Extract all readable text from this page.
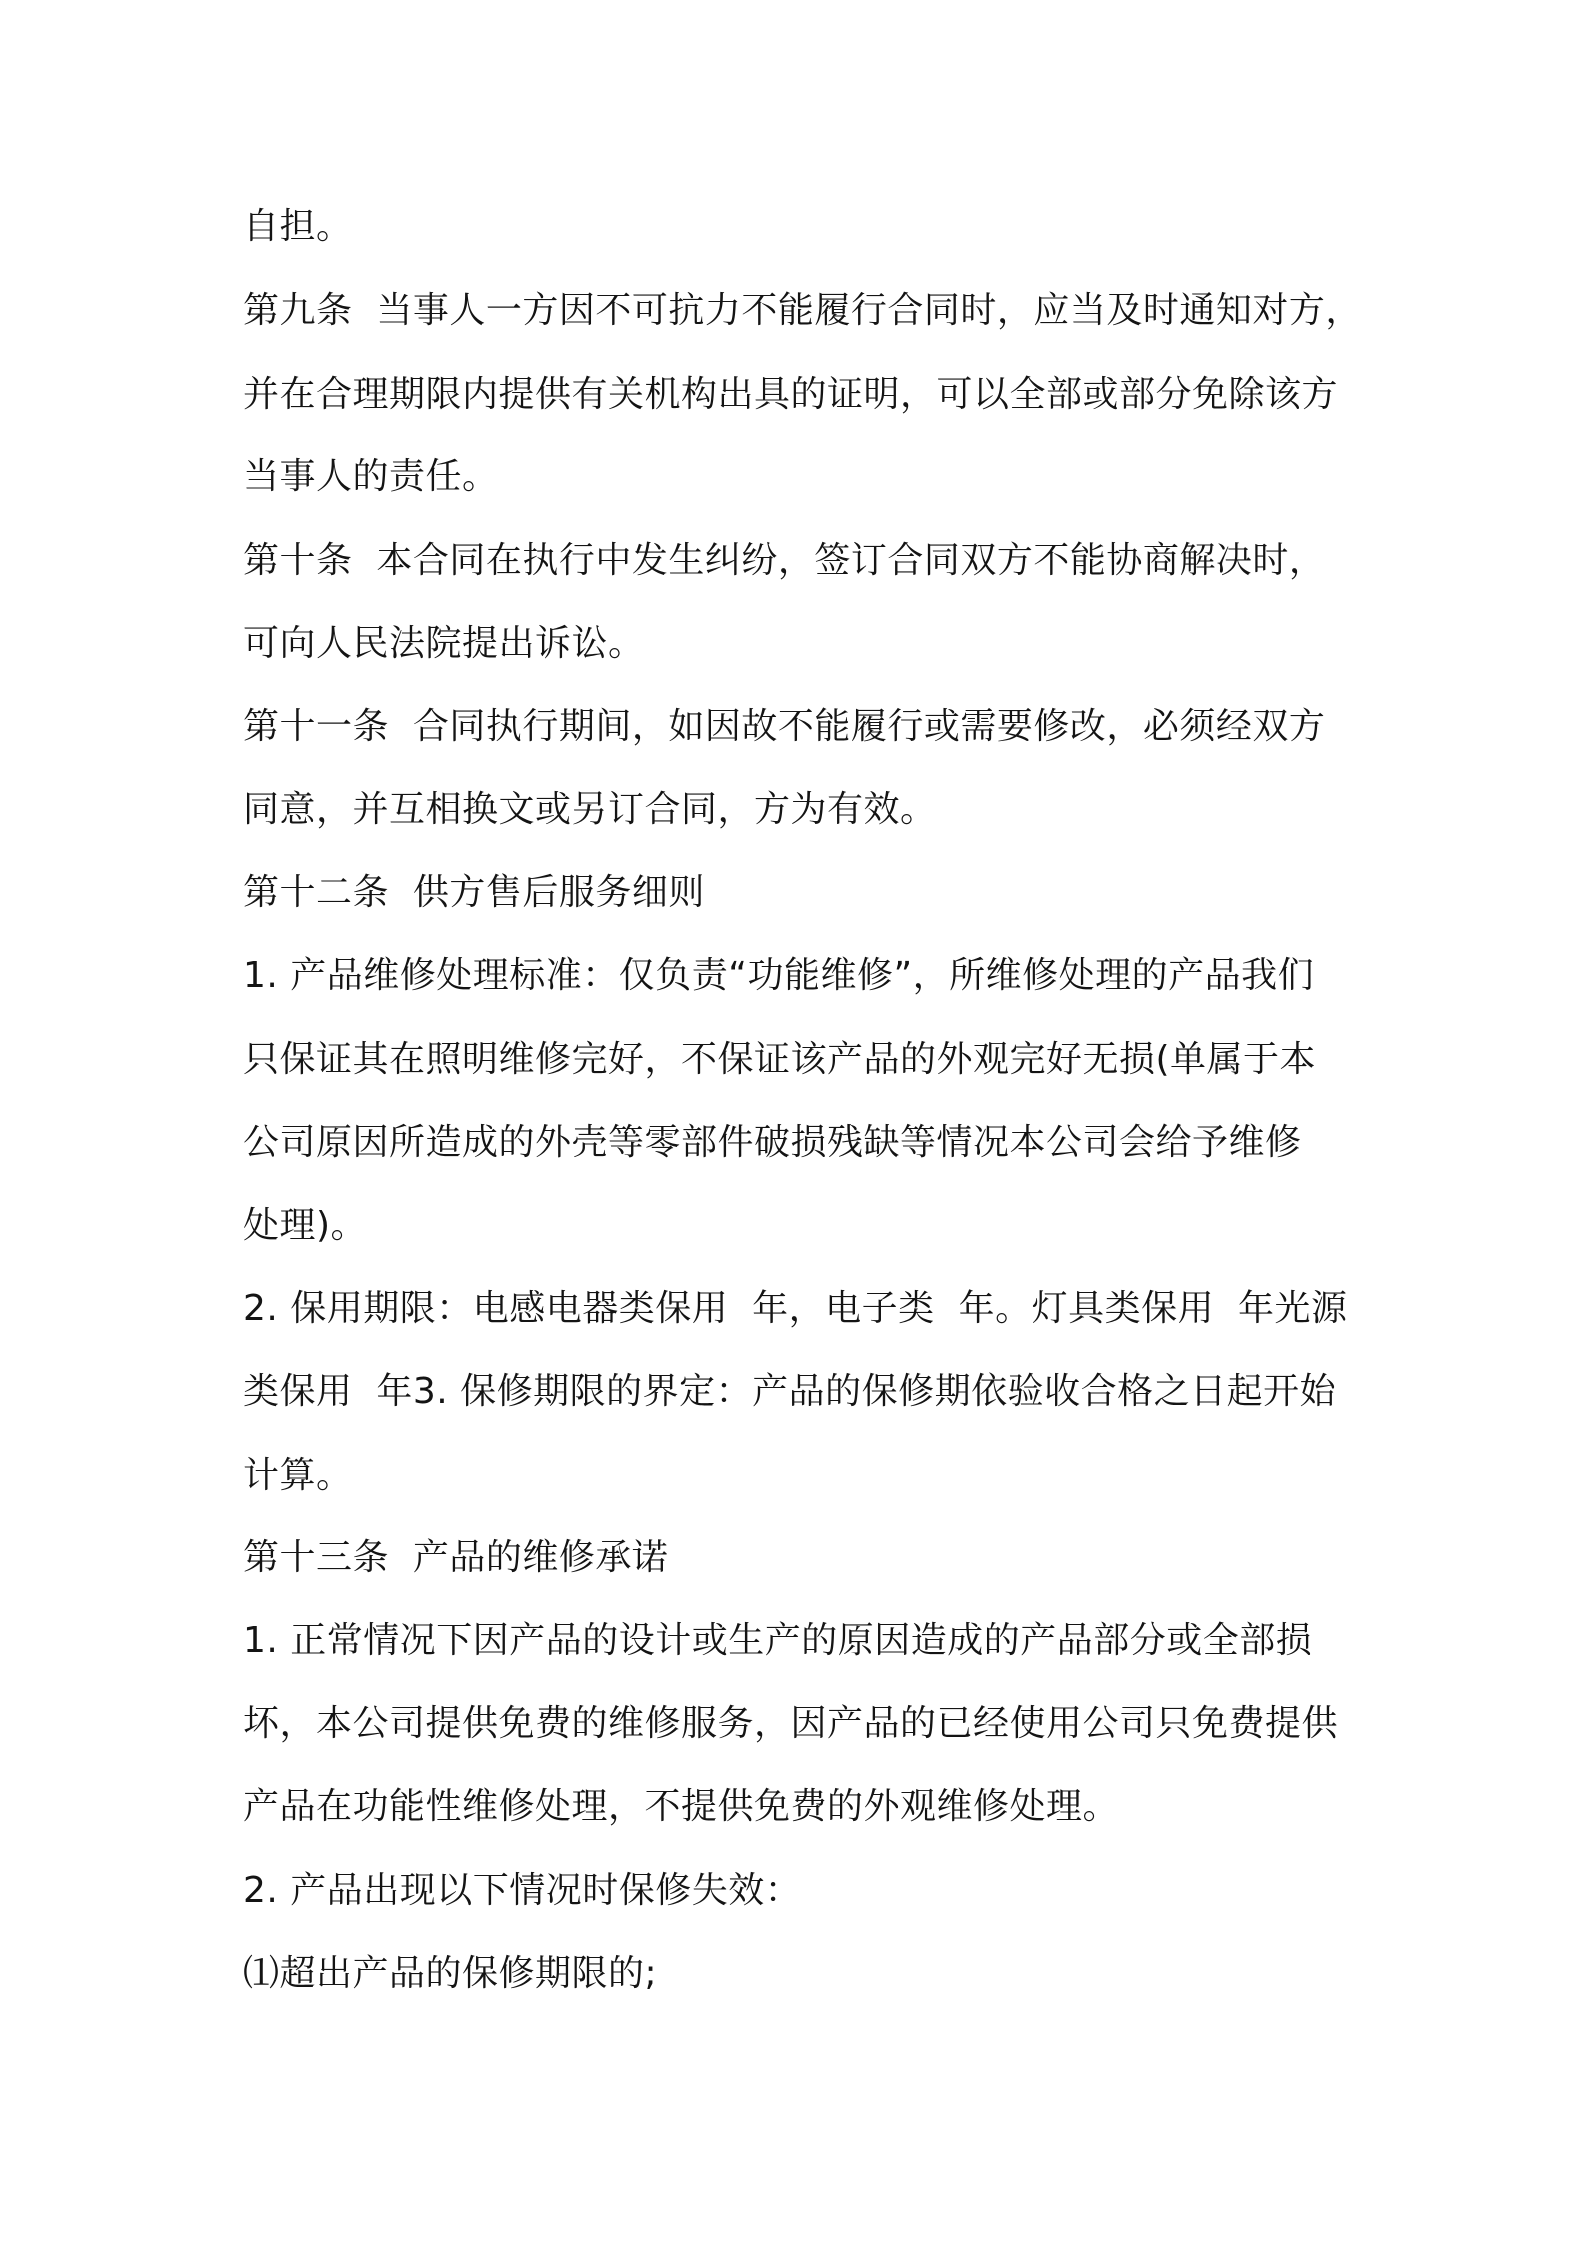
自担。
第九条  当事人一方因不可抗力不能履行合同时，应当及时通知对方，
并在合理期限内提供有关机构出具的证明，可以全部或部分免除该方
当事人的责任。
第十条  本合同在执行中发生纠纷，签订合同双方不能协商解决时，
可向人民法院提出诉讼。
第十一条  合同执行期间，如因故不能履行或需要修改，必须经双方
同意，并互相换文或另订合同，方为有效。
第十二条  供方售后服务细则
1. 产品维修处理标准：仅负责“功能维修”，所维修处理的产品我们
只保证其在照明维修完好，不保证该产品的外观完好无损(单属于本
公司原因所造成的外壳等零部件破损残缺等情况本公司会给予维修
处理)。
2. 保用期限：电感电器类保用  年，电子类  年。灯具类保用  年光源
类保用  年3. 保修期限的界定：产品的保修期依验收合格之日起开始
计算。
第十三条  产品的维修承诺
1. 正常情况下因产品的设计或生产的原因造成的产品部分或全部损
坏，本公司提供免费的维修服务，因产品的已经使用公司只免费提供
产品在功能性维修处理，不提供免费的外观维修处理。
2. 产品出现以下情况时保修失效：
⑴超出产品的保修期限的;
